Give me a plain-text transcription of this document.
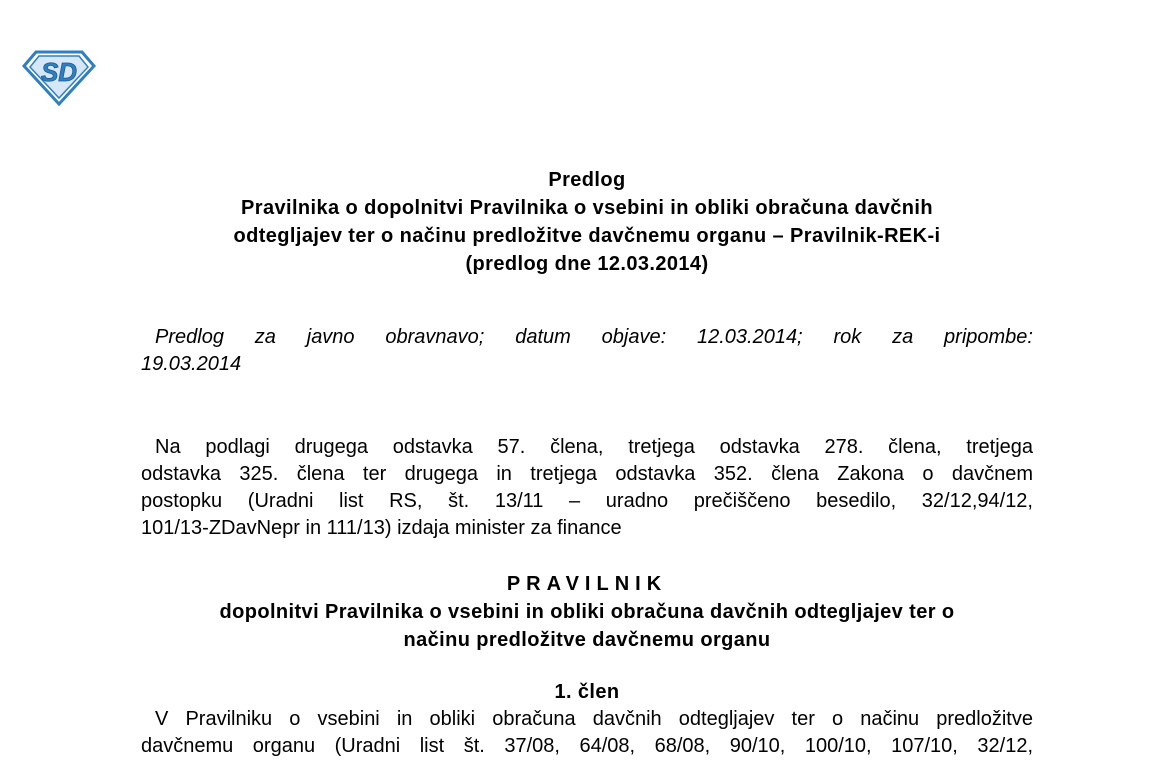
SD
Predlog
Pravilnika o dopolnitvi Pravilnika o vsebini in obliki obračuna davčnih
odtegljajev ter o načinu predložitve davčnemu organu – Pravilnik-REK-i
(predlog dne 12.03.2014)
Predlog za javno obravnavo; datum objave: 12.03.2014; rok za pripombe:
19.03.2014
Na podlagi drugega odstavka 57. člena, tretjega odstavka 278. člena, tretjega
odstavka 325. člena ter drugega in tretjega odstavka 352. člena Zakona o davčnem
postopku (Uradni list RS, št. 13/11 – uradno prečiščeno besedilo, 32/12,94/12,
101/13-ZDavNepr in 111/13) izdaja minister za finance
PRAVILNIK
dopolnitvi Pravilnika o vsebini in obliki obračuna davčnih odtegljajev ter o
načinu predložitve davčnemu organu
1. člen
V Pravilniku o vsebini in obliki obračuna davčnih odtegljajev ter o načinu predložitve
davčnemu organu (Uradni list št. 37/08, 64/08, 68/08, 90/10, 100/10, 107/10, 32/12,
